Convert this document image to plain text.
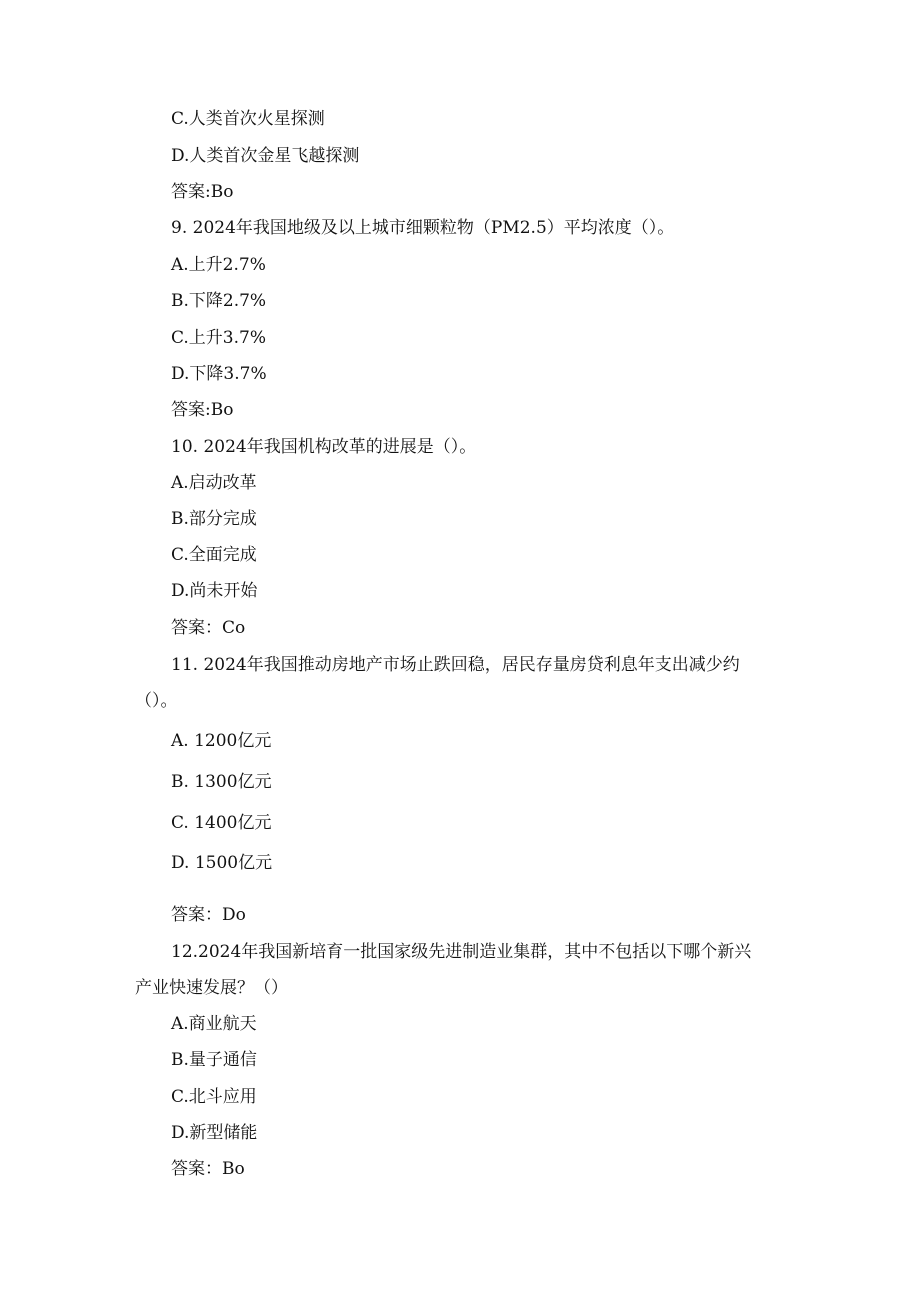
C.人类首次火星探测
D.人类首次金星飞越探测
答案:Bo
9. 2024年我国地级及以上城市细颗粒物（PM2.5）平均浓度（）。
A.上升2.7%
B.下降2.7%
C.上升3.7%
D.下降3.7%
答案:Bo
10. 2024年我国机构改革的进展是（）。
A.启动改革
B.部分完成
C.全面完成
D.尚未开始
答案：Co
11. 2024年我国推动房地产市场止跌回稳，居民存量房贷利息年支出减少约
（）。
A. 1200亿元
B. 1300亿元
C. 1400亿元
D. 1500亿元
答案：Do
12.2024年我国新培育一批国家级先进制造业集群，其中不包括以下哪个新兴
产业快速发展？（）
A.商业航天
B.量子通信
C.北斗应用
D.新型储能
答案：Bo
